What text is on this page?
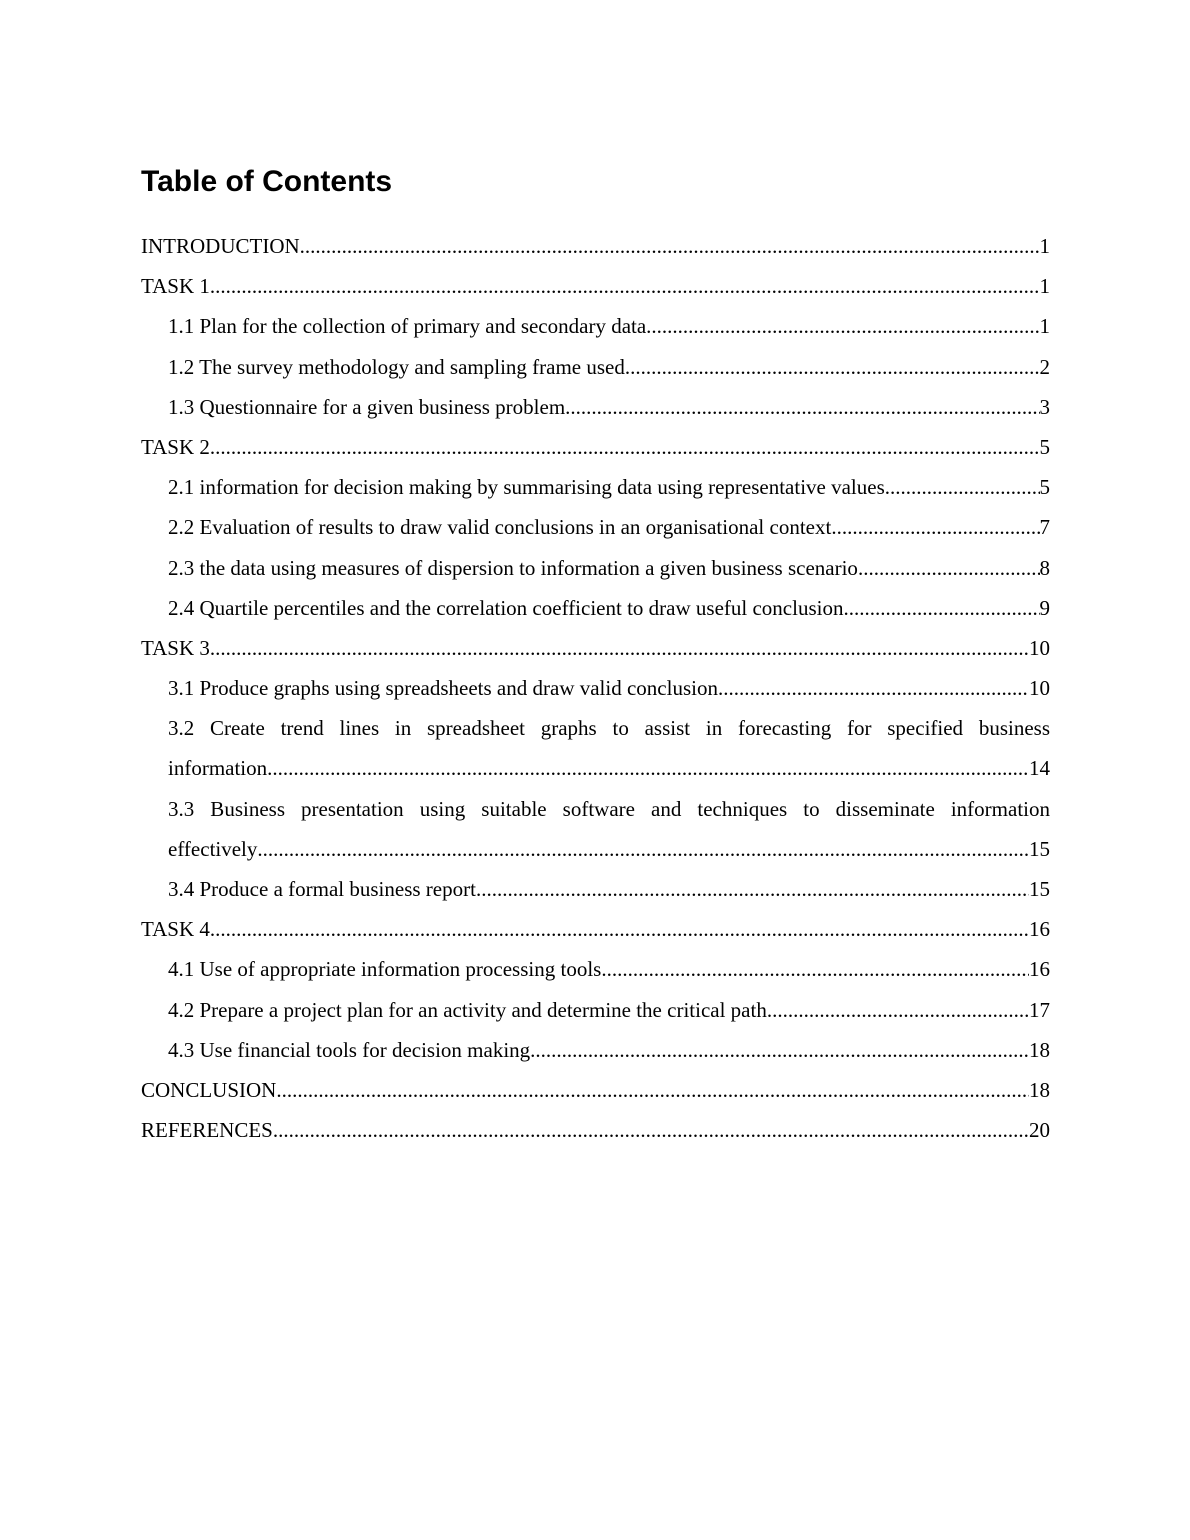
Table of Contents
INTRODUCTION .....	1
TASK 1 .....	1
1.1 Plan for the collection of primary and secondary data .....	1
1.2 The survey methodology and sampling frame used .....	2
1.3 Questionnaire for a given business problem .....	3
TASK 2 .....	5
2.1 information for decision making by summarising data using representative values .....	5
2.2 Evaluation of results to draw valid conclusions in an organisational context .....	7
2.3 the data using measures of dispersion to information a given business scenario .....	8
2.4 Quartile percentiles and the correlation coefficient to draw useful conclusion .....	9
TASK 3 .....	10
3.1 Produce graphs using spreadsheets and draw valid conclusion .....	10
3.2 Create trend lines in spreadsheet graphs to assist in forecasting for specified business
information .....	14
3.3 Business presentation using suitable software and techniques to disseminate information
effectively .....	15
3.4 Produce a formal business report .....	15
TASK 4 .....	16
4.1 Use of appropriate information processing tools .....	16
4.2 Prepare a project plan for an activity and determine the critical path .....	17
4.3 Use financial tools for decision making .....	18
CONCLUSION .....	18
REFERENCES .....	20
